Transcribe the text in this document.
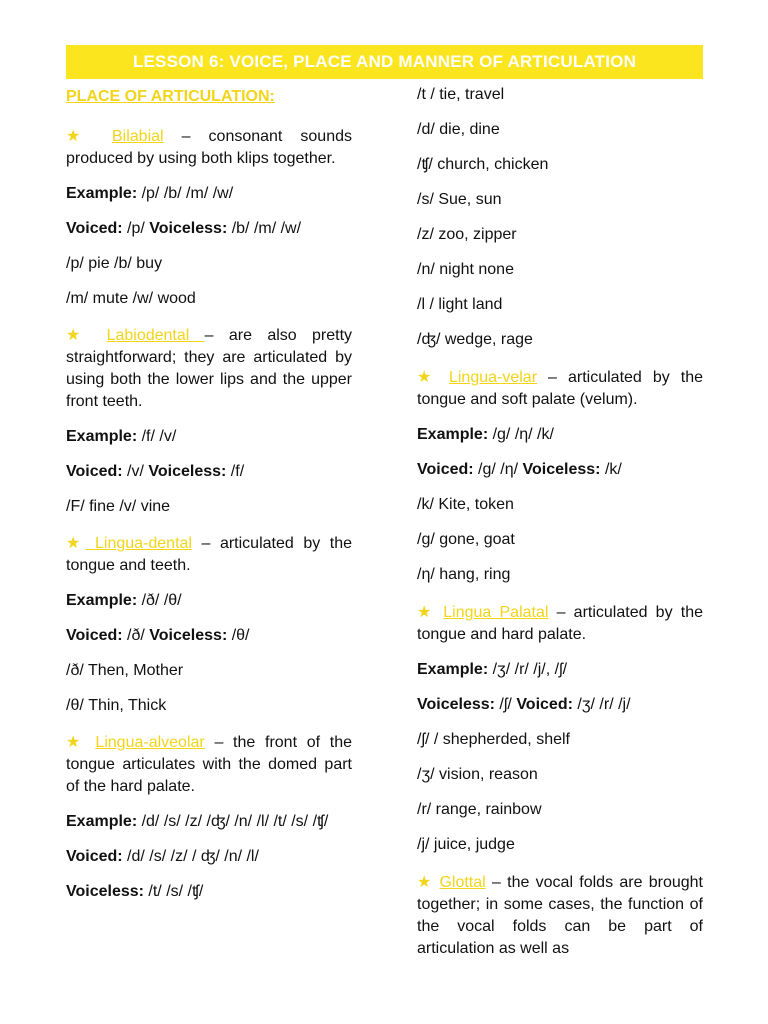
LESSON 6: VOICE, PLACE AND MANNER OF ARTICULATION

PLACE OF ARTICULATION:

★ Bilabial – consonant sounds produced by using both klips together.

Example: /p/ /b/ /m/ /w/

Voiced: /p/ Voiceless: /b/ /m/ /w/

/p/ pie /b/ buy

/m/ mute /w/ wood

★ Labiodental – are also pretty straightforward; they are articulated by using both the lower lips and the upper front teeth.

Example: /f/ /v/

Voiced: /v/ Voiceless: /f/

/F/ fine /v/ vine

★ Lingua-dental – articulated by the tongue and teeth.

Example: /ð/ /θ/

Voiced: /ð/ Voiceless: /θ/

/ð/ Then, Mother

/θ/ Thin, Thick

★ Lingua-alveolar – the front of the tongue articulates with the domed part of the hard palate.

Example: /d/ /s/ /z/ /ʤ/ /n/ /l/ /t/ /s/ /ʧ/

Voiced: /d/ /s/ /z/ / ʤ/ /n/ /l/

Voiceless: /t/ /s/ /ʧ/

/t / tie, travel

/d/ die, dine

/ʧ/ church, chicken

/s/ Sue, sun

/z/ zoo, zipper

/n/ night none

/l / light land

/ʤ/ wedge, rage

★ Lingua-velar – articulated by the tongue and soft palate (velum).

Example: /g/ /ƞ/ /k/

Voiced: /g/ /ƞ/ Voiceless: /k/

/k/ Kite, token

/g/ gone, goat

/ƞ/ hang, ring

★ Lingua Palatal – articulated by the tongue and hard palate.

Example: /ʒ/ /r/ /j/, /ʃ/

Voiceless: /ʃ/ Voiced: /ʒ/ /r/ /j/

/ʃ/ / shepherded, shelf

/ʒ/ vision, reason

/r/ range, rainbow

/j/ juice, judge

★ Glottal – the vocal folds are brought together; in some cases, the function of the vocal folds can be part of articulation as well as
